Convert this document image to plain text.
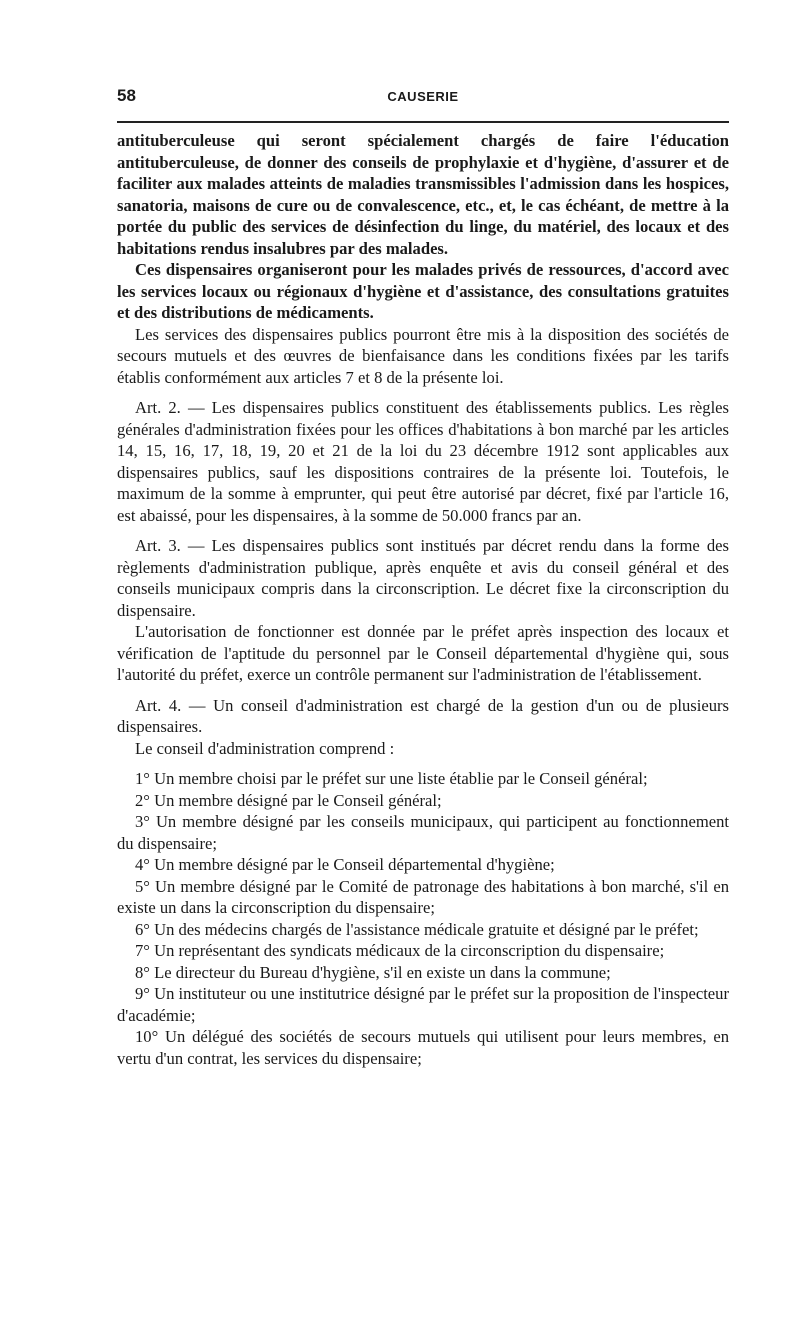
58	CAUSERIE

antituberculeuse qui seront spécialement chargés de faire l'éducation antituberculeuse, de donner des conseils de prophylaxie et d'hygiène, d'assurer et de faciliter aux malades atteints de maladies transmissibles l'admission dans les hospices, sanatoria, maisons de cure ou de convalescence, etc., et, le cas échéant, de mettre à la portée du public des services de désinfection du linge, du matériel, des locaux et des habitations rendus insalubres par des malades.

Ces dispensaires organiseront pour les malades privés de ressources, d'accord avec les services locaux ou régionaux d'hygiène et d'assistance, des consultations gratuites et des distributions de médicaments.

Les services des dispensaires publics pourront être mis à la disposition des sociétés de secours mutuels et des œuvres de bienfaisance dans les conditions fixées par les tarifs établis conformément aux articles 7 et 8 de la présente loi.

Art. 2. — Les dispensaires publics constituent des établissements publics. Les règles générales d'administration fixées pour les offices d'habitations à bon marché par les articles 14, 15, 16, 17, 18, 19, 20 et 21 de la loi du 23 décembre 1912 sont applicables aux dispensaires publics, sauf les dispositions contraires de la présente loi. Toutefois, le maximum de la somme à emprunter, qui peut être autorisé par décret, fixé par l'article 16, est abaissé, pour les dispensaires, à la somme de 50.000 francs par an.

Art. 3. — Les dispensaires publics sont institués par décret rendu dans la forme des règlements d'administration publique, après enquête et avis du conseil général et des conseils municipaux compris dans la circonscription. Le décret fixe la circonscription du dispensaire.

L'autorisation de fonctionner est donnée par le préfet après inspection des locaux et vérification de l'aptitude du personnel par le Conseil départemental d'hygiène qui, sous l'autorité du préfet, exerce un contrôle permanent sur l'administration de l'établissement.

Art. 4. — Un conseil d'administration est chargé de la gestion d'un ou de plusieurs dispensaires.

Le conseil d'administration comprend :

1° Un membre choisi par le préfet sur une liste établie par le Conseil général;

2° Un membre désigné par le Conseil général;

3° Un membre désigné par les conseils municipaux, qui participent au fonctionnement du dispensaire;

4° Un membre désigné par le Conseil départemental d'hygiène;

5° Un membre désigné par le Comité de patronage des habitations à bon marché, s'il en existe un dans la circonscription du dispensaire;

6° Un des médecins chargés de l'assistance médicale gratuite et désigné par le préfet;

7° Un représentant des syndicats médicaux de la circonscription du dispensaire;

8° Le directeur du Bureau d'hygiène, s'il en existe un dans la commune;

9° Un instituteur ou une institutrice désigné par le préfet sur la proposition de l'inspecteur d'académie;

10° Un délégué des sociétés de secours mutuels qui utilisent pour leurs membres, en vertu d'un contrat, les services du dispensaire;
